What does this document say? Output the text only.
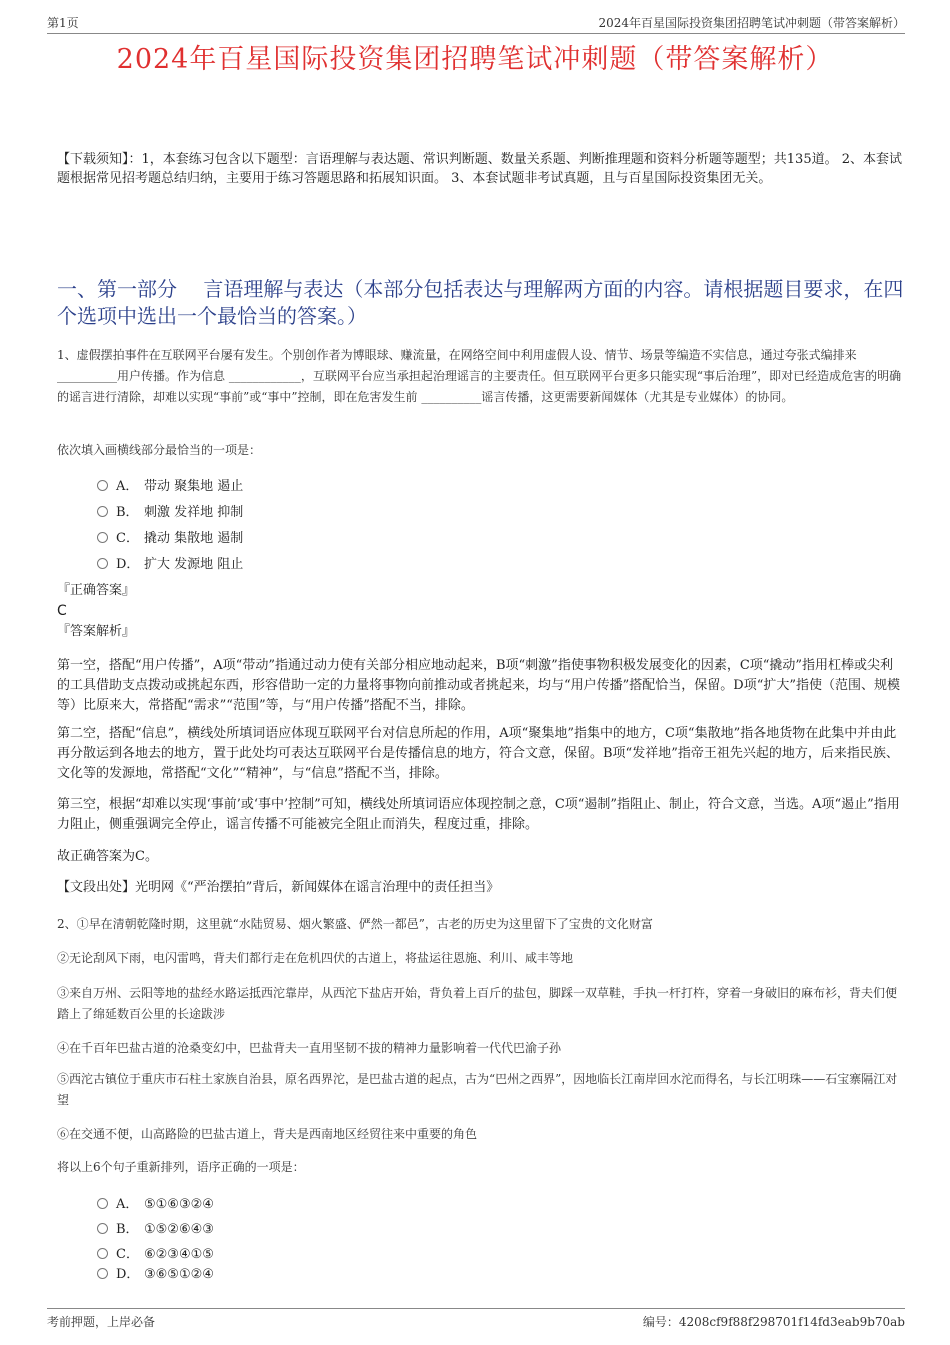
第1页	2024年百星国际投资集团招聘笔试冲刺题（带答案解析）
2024年百星国际投资集团招聘笔试冲刺题（带答案解析）
【下载须知】：1，本套练习包含以下题型：言语理解与表达题、常识判断题、数量关系题、判断推理题和资料分析题等题型；共135道。 2、本套试题根据常见招考题总结归纳，主要用于练习答题思路和拓展知识面。 3、本套试题非考试真题，且与百星国际投资集团无关。
一、第一部分　 言语理解与表达（本部分包括表达与理解两方面的内容。请根据题目要求，在四个选项中选出一个最恰当的答案。）
1、虚假摆拍事件在互联网平台屡有发生。个别创作者为博眼球、赚流量，在网络空间中利用虚假人设、情节、场景等编造不实信息，通过夸张式编排来 __________用户传播。作为信息 ____________，互联网平台应当承担起治理谣言的主要责任。但互联网平台更多只能实现“事后治理”，即对已经造成危害的明确的谣言进行清除，却难以实现“事前”或“事中”控制，即在危害发生前 __________谣言传播，这更需要新闻媒体（尤其是专业媒体）的协同。
依次填入画横线部分最恰当的一项是：
A． 带动 聚集地 遏止
B． 刺激 发祥地 抑制
C． 撬动 集散地 遏制
D． 扩大 发源地 阻止
『正确答案』
C
『答案解析』
第一空，搭配“用户传播”，A项“带动”指通过动力使有关部分相应地动起来，B项“刺激”指使事物积极发展变化的因素，C项“撬动”指用杠棒或尖利的工具借助支点拨动或挑起东西，形容借助一定的力量将事物向前推动或者挑起来，均与“用户传播”搭配恰当，保留。D项“扩大”指使（范围、规模等）比原来大，常搭配“需求”“范围”等，与“用户传播”搭配不当，排除。
第二空，搭配“信息”，横线处所填词语应体现互联网平台对信息所起的作用，A项“聚集地”指集中的地方，C项“集散地”指各地货物在此集中并由此再分散运到各地去的地方，置于此处均可表达互联网平台是传播信息的地方，符合文意，保留。B项“发祥地”指帝王祖先兴起的地方，后来指民族、文化等的发源地，常搭配“文化”“精神”，与“信息”搭配不当，排除。
第三空，根据“却难以实现‘事前’或‘事中’控制”可知，横线处所填词语应体现控制之意，C项“遏制”指阻止、制止，符合文意，当选。A项“遏止”指用力阻止，侧重强调完全停止，谣言传播不可能被完全阻止而消失，程度过重，排除。
故正确答案为C。
【文段出处】光明网《“严治摆拍”背后，新闻媒体在谣言治理中的责任担当》
2、①早在清朝乾隆时期，这里就“水陆贸易、烟火繁盛、俨然一都邑”，古老的历史为这里留下了宝贵的文化财富
②无论刮风下雨，电闪雷鸣，背夫们都行走在危机四伏的古道上，将盐运往恩施、利川、咸丰等地
③来自万州、云阳等地的盐经水路运抵西沱靠岸，从西沱下盐店开始，背负着上百斤的盐包，脚踩一双草鞋，手执一杆打杵，穿着一身破旧的麻布衫，背夫们便踏上了绵延数百公里的长途跋涉
④在千百年巴盐古道的沧桑变幻中，巴盐背夫一直用坚韧不拔的精神力量影响着一代代巴渝子孙
⑤西沱古镇位于重庆市石柱土家族自治县，原名西界沱，是巴盐古道的起点，古为“巴州之西界”，因地临长江南岸回水沱而得名，与长江明珠——石宝寨隔江对望
⑥在交通不便，山高路险的巴盐古道上，背夫是西南地区经贸往来中重要的角色
将以上6个句子重新排列，语序正确的一项是：
A． ⑤①⑥③②④
B． ①⑤②⑥④③
C． ⑥②③④①⑤
D． ③⑥⑤①②④
考前押题，上岸必备	编号：4208cf9f88f298701f14fd3eab9b70ab
